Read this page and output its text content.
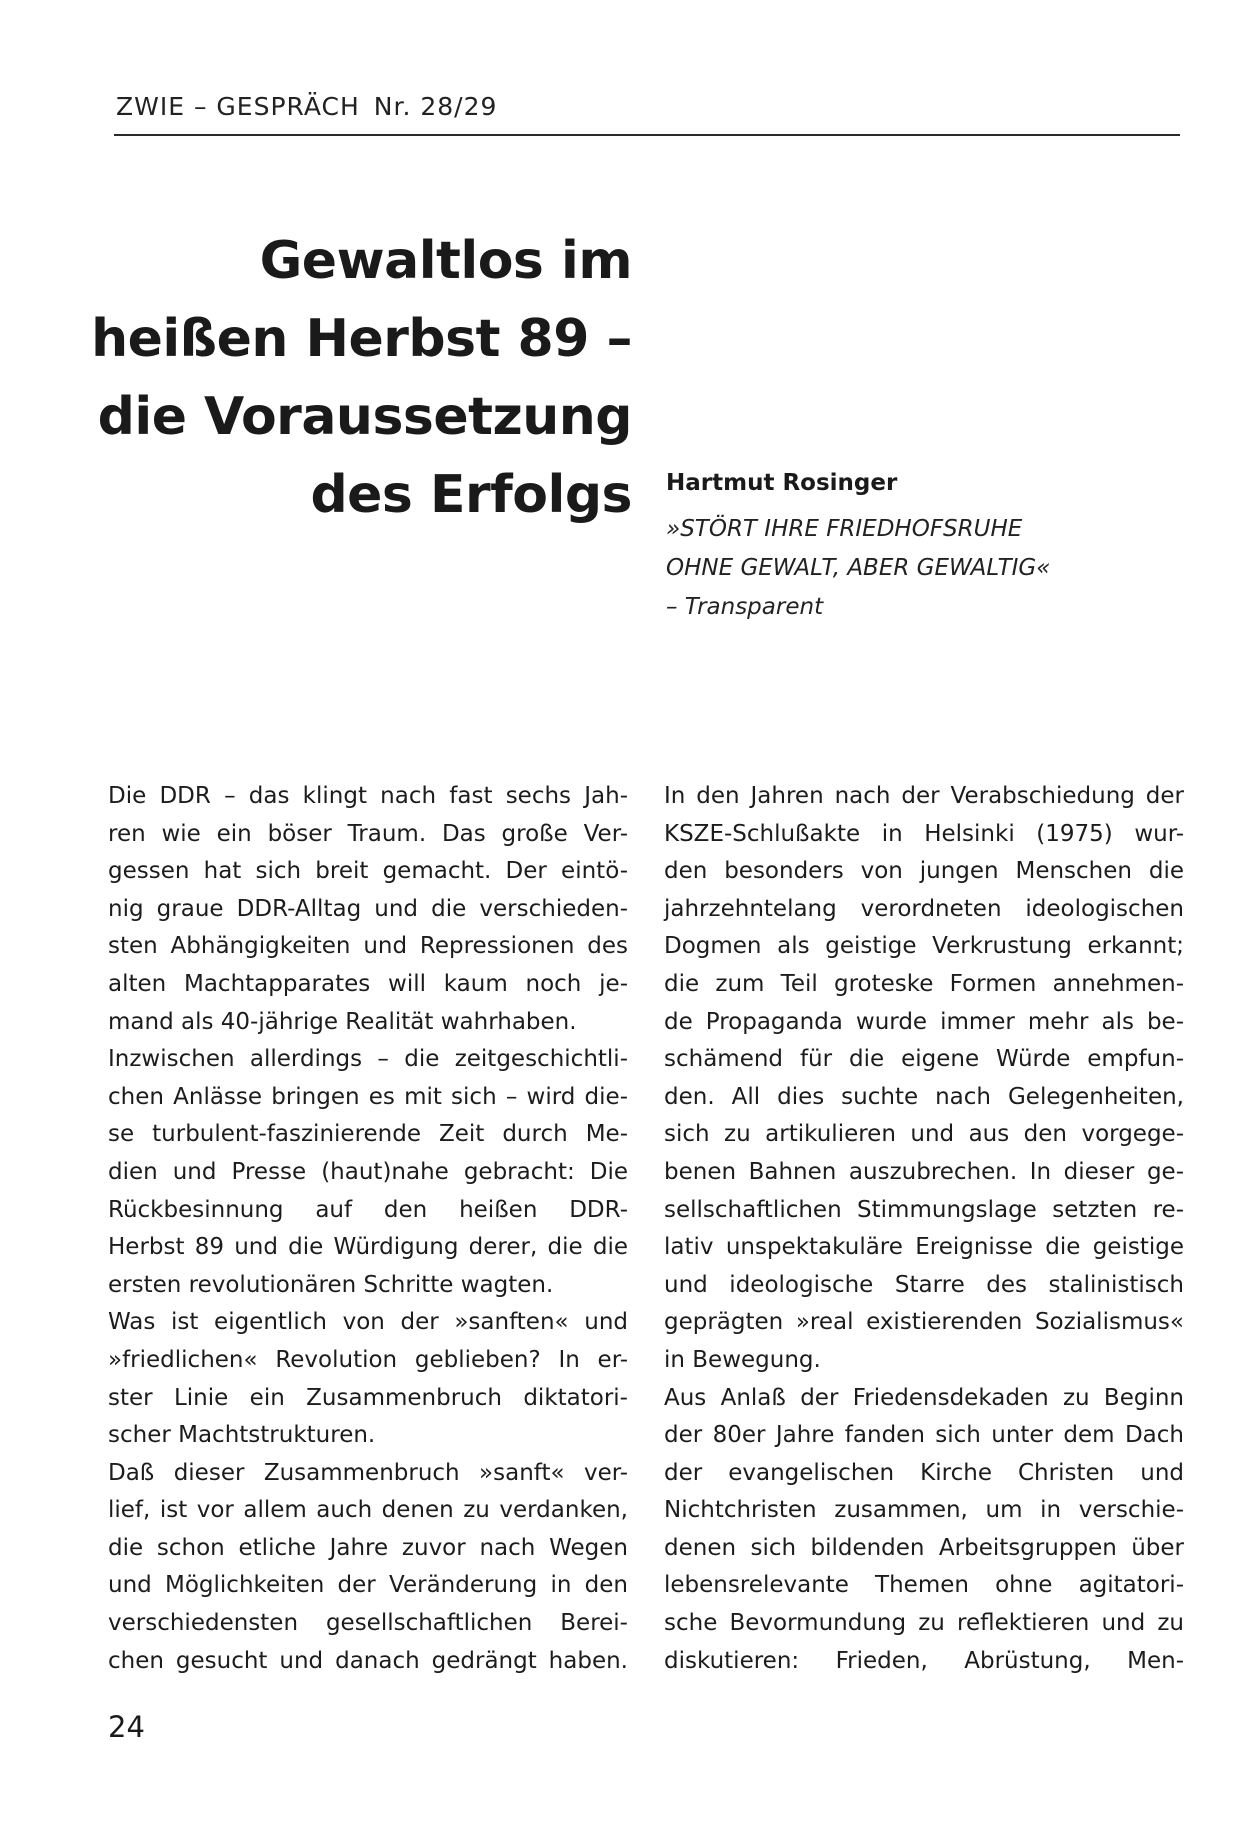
ZWIE – GESPRÄCH Nr. 28/29
Gewaltlos im
heißen Herbst 89 –
die Voraussetzung
des Erfolgs Hartmut Rosinger
»STÖRT IHRE FRIEDHOFSRUHE
OHNE GEWALT, ABER GEWALTIG«
– Transparent
Die DDR – das klingt nach fast sechs Jah-
ren wie ein böser Traum. Das große Ver-
gessen hat sich breit gemacht. Der eintö-
nig graue DDR-Alltag und die verschieden-
sten Abhängigkeiten und Repressionen des
alten Machtapparates will kaum noch je-
mand als 40-jährige Realität wahrhaben.
Inzwischen allerdings – die zeitgeschichtli-
chen Anlässe bringen es mit sich – wird die-
se turbulent-faszinierende Zeit durch Me-
dien und Presse (haut)nahe gebracht: Die
Rückbesinnung auf den heißen DDR-
Herbst 89 und die Würdigung derer, die die
ersten revolutionären Schritte wagten.
Was ist eigentlich von der »sanften« und
»friedlichen« Revolution geblieben? In er-
ster Linie ein Zusammenbruch diktatori-
scher Machtstrukturen.
Daß dieser Zusammenbruch »sanft« ver-
lief, ist vor allem auch denen zu verdanken,
die schon etliche Jahre zuvor nach Wegen
und Möglichkeiten der Veränderung in den
verschiedensten gesellschaftlichen Berei-
chen gesucht und danach gedrängt haben.
In den Jahren nach der Verabschiedung der
KSZE-Schlußakte in Helsinki (1975) wur-
den besonders von jungen Menschen die
jahrzehntelang verordneten ideologischen
Dogmen als geistige Verkrustung erkannt;
die zum Teil groteske Formen annehmen-
de Propaganda wurde immer mehr als be-
schämend für die eigene Würde empfun-
den. All dies suchte nach Gelegenheiten,
sich zu artikulieren und aus den vorgege-
benen Bahnen auszubrechen. In dieser ge-
sellschaftlichen Stimmungslage setzten re-
lativ unspektakuläre Ereignisse die geistige
und ideologische Starre des stalinistisch
geprägten »real existierenden Sozialismus«
in Bewegung.
Aus Anlaß der Friedensdekaden zu Beginn
der 80er Jahre fanden sich unter dem Dach
der evangelischen Kirche Christen und
Nichtchristen zusammen, um in verschie-
denen sich bildenden Arbeitsgruppen über
lebensrelevante Themen ohne agitatori-
sche Bevormundung zu reflektieren und zu
diskutieren: Frieden, Abrüstung, Men-
24
